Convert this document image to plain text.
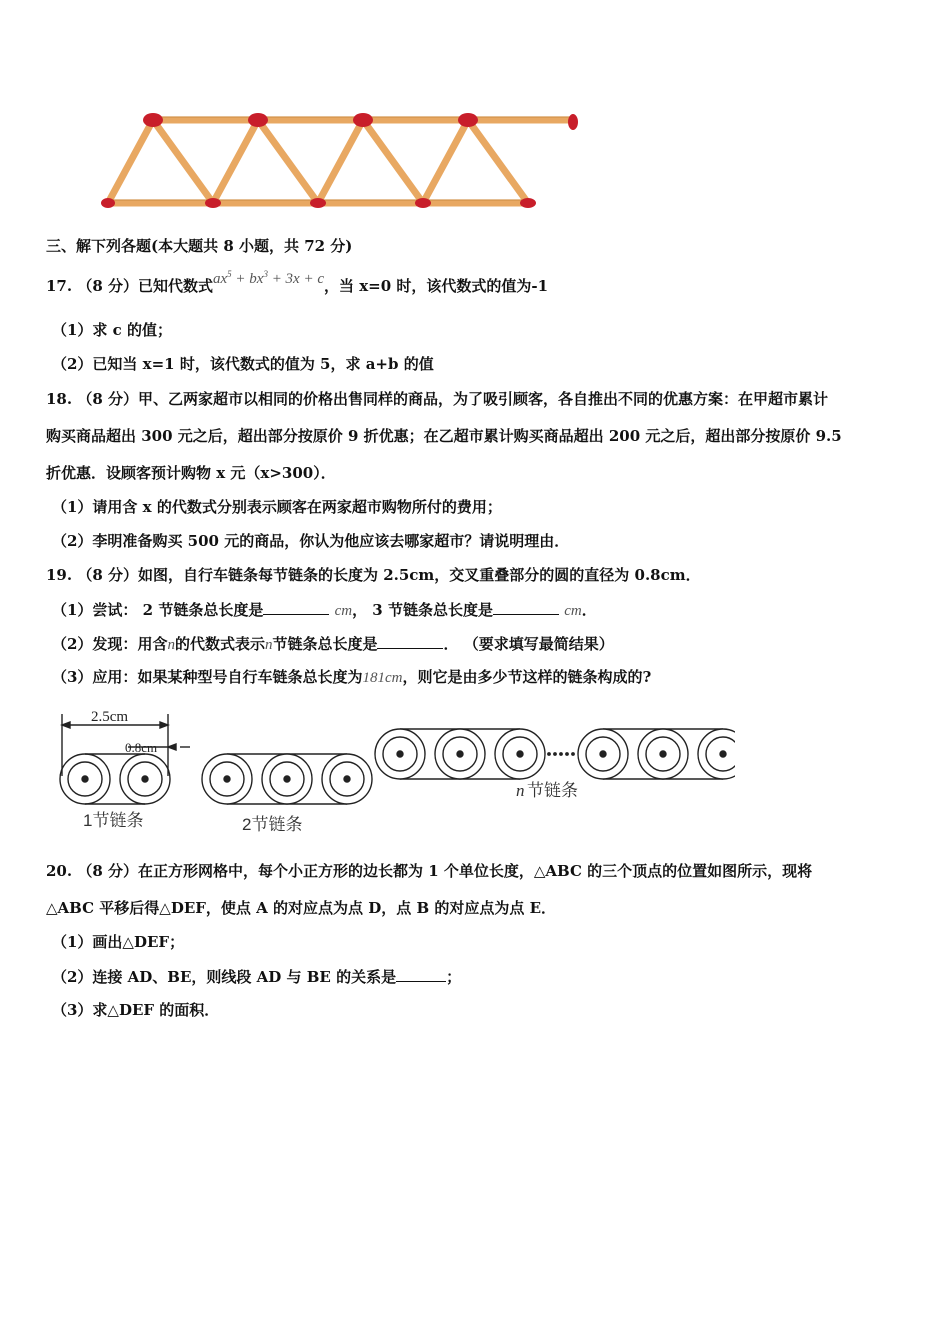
三、解下列各题(本大题共 8 小题，共 72 分)
17. （8 分）已知代数式$ax^5 + bx^3 + 3x + c$，当 x=0 时，该代数式的值为-1
（1）求 c 的值；
（2）已知当 x=1 时，该代数式的值为 5，求 a+b 的值
18. （8 分）甲、乙两家超市以相同的价格出售同样的商品，为了吸引顾客，各自推出不同的优惠方案：在甲超市累计
购买商品超出 300 元之后，超出部分按原价 9 折优惠；在乙超市累计购买商品超出 200 元之后，超出部分按原价 9.5
折优惠．设顾客预计购物 x 元（x>300）．
（1）请用含 x 的代数式分别表示顾客在两家超市购物所付的费用；
（2）李明准备购买 500 元的商品，你认为他应该去哪家超市？请说明理由．
19. （8 分）如图，自行车链条每节链条的长度为 2.5cm，交叉重叠部分的圆的直径为 0.8cm．
（1）尝试： 2 节链条总长度是	cm， 3 节链条总长度是	cm．
（2）发现：用含n的代数式表示n节链条总长度是	． （要求填写最简结果）
（3）应用：如果某种型号自行车链条总长度为181cm，则它是由多少节这样的链条构成的?
2.5cm
0.8cm
1节链条	2节链条
n 节链条
20. （8 分）在正方形网格中，每个小正方形的边长都为 1 个单位长度，△ABC 的三个顶点的位置如图所示，现将
△ABC 平移后得△DEF，使点 A 的对应点为点 D，点 B 的对应点为点 E．
（1）画出△DEF；
（2）连接 AD、BE，则线段 AD 与 BE 的关系是	；
（3）求△DEF 的面积．
